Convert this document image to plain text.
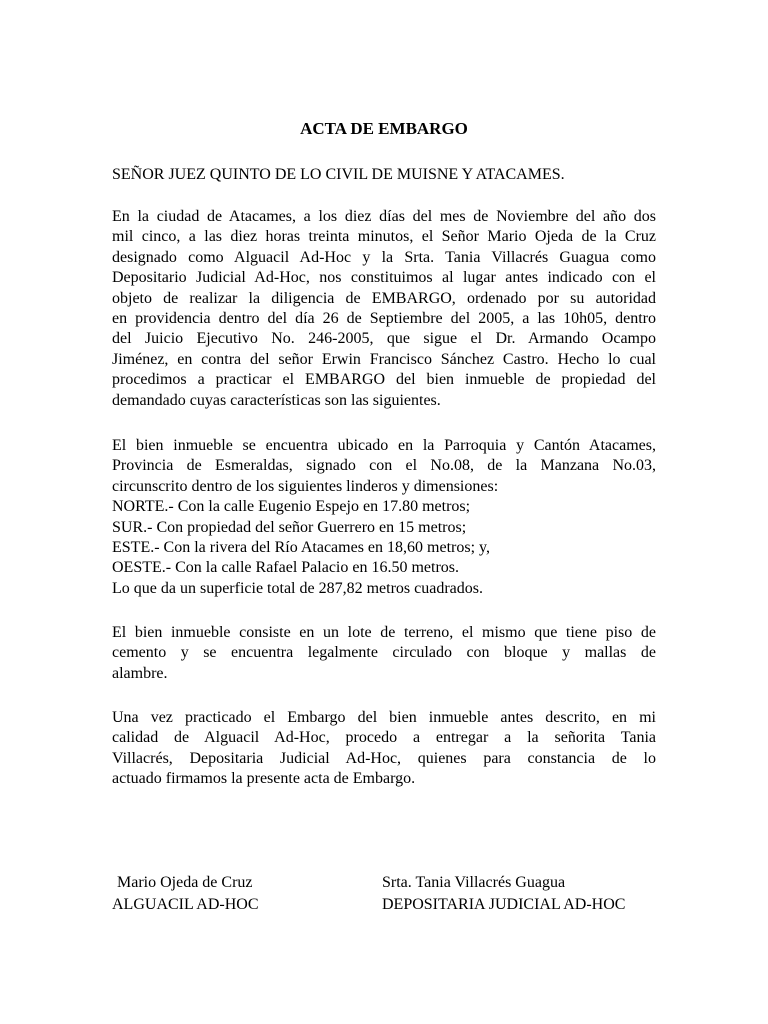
ACTA DE EMBARGO

SEÑOR JUEZ QUINTO DE LO CIVIL DE MUISNE Y ATACAMES.

En la ciudad de Atacames, a los diez días del mes de Noviembre del año dos
mil cinco, a las diez horas treinta minutos, el Señor Mario Ojeda de la Cruz
designado como Alguacil Ad-Hoc y la Srta. Tania Villacrés Guagua como
Depositario Judicial Ad-Hoc, nos constituimos al lugar antes indicado con el
objeto de realizar la diligencia de EMBARGO, ordenado por su autoridad
en providencia dentro del día 26 de Septiembre del 2005, a las 10h05, dentro
del Juicio Ejecutivo No. 246-2005, que sigue el Dr. Armando Ocampo
Jiménez, en contra del señor Erwin Francisco Sánchez Castro. Hecho lo cual
procedimos a practicar el EMBARGO del bien inmueble de propiedad del
demandado cuyas características son las siguientes.

El bien inmueble se encuentra ubicado en la Parroquia y Cantón Atacames,
Provincia de Esmeraldas, signado con el No.08, de la Manzana No.03,
circunscrito dentro de los siguientes linderos y dimensiones:
NORTE.- Con la calle Eugenio Espejo en 17.80 metros;
SUR.- Con propiedad del señor Guerrero en 15 metros;
ESTE.- Con la rivera del Río Atacames en 18,60 metros; y,
OESTE.- Con la calle Rafael Palacio en 16.50 metros.
Lo que da un superficie total de 287,82 metros cuadrados.

El bien inmueble consiste en un lote de terreno, el mismo que tiene piso de
cemento y se encuentra legalmente circulado con bloque y mallas de
alambre.

Una vez practicado el Embargo del bien inmueble antes descrito, en mi
calidad de Alguacil Ad-Hoc, procedo a entregar a la señorita Tania
Villacrés, Depositaria Judicial Ad-Hoc, quienes para constancia de lo
actuado firmamos la presente acta de Embargo.

Mario Ojeda de Cruz
ALGUACIL AD-HOC
Srta. Tania Villacrés Guagua
DEPOSITARIA JUDICIAL AD-HOC
